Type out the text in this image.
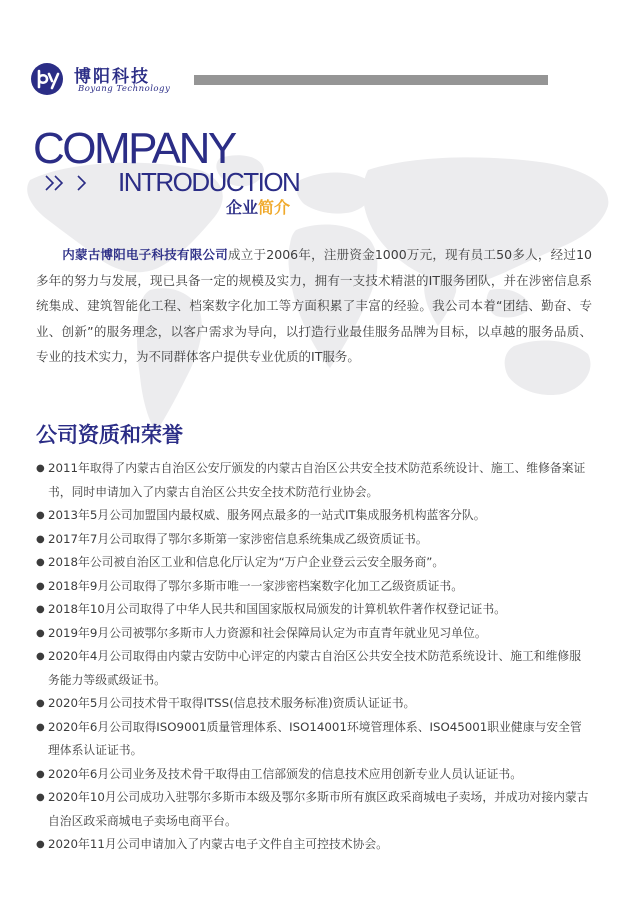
博阳科技
Boyang Technology
COMPANY
INTRODUCTION
企业简介

内蒙古博阳电子科技有限公司成立于2006年，注册资金1000万元，现有员工50多人，经过10多年的努力与发展，现已具备一定的规模及实力，拥有一支技术精湛的IT服务团队，并在涉密信息系统集成、建筑智能化工程、档案数字化加工等方面积累了丰富的经验。我公司本着“团结、勤奋、专业、创新”的服务理念，以客户需求为导向，以打造行业最佳服务品牌为目标，以卓越的服务品质、专业的技术实力，为不同群体客户提供专业优质的IT服务。

公司资质和荣誉
● 2011年取得了内蒙古自治区公安厅颁发的内蒙古自治区公共安全技术防范系统设计、施工、维修备案证书，同时申请加入了内蒙古自治区公共安全技术防范行业协会。
● 2013年5月公司加盟国内最权威、服务网点最多的一站式IT集成服务机构蓝客分队。
● 2017年7月公司取得了鄂尔多斯第一家涉密信息系统集成乙级资质证书。
● 2018年公司被自治区工业和信息化厅认定为“万户企业登云云安全服务商”。
● 2018年9月公司取得了鄂尔多斯市唯一一家涉密档案数字化加工乙级资质证书。
● 2018年10月公司取得了中华人民共和国国家版权局颁发的计算机软件著作权登记证书。
● 2019年9月公司被鄂尔多斯市人力资源和社会保障局认定为市直青年就业见习单位。
● 2020年4月公司取得由内蒙古安防中心评定的内蒙古自治区公共安全技术防范系统设计、施工和维修服务能力等级贰级证书。
● 2020年5月公司技术骨干取得ITSS(信息技术服务标准)资质认证证书。
● 2020年6月公司取得ISO9001质量管理体系、ISO14001环境管理体系、ISO45001职业健康与安全管理体系认证证书。
● 2020年6月公司业务及技术骨干取得由工信部颁发的信息技术应用创新专业人员认证证书。
● 2020年10月公司成功入驻鄂尔多斯市本级及鄂尔多斯市所有旗区政采商城电子卖场，并成功对接内蒙古自治区政采商城电子卖场电商平台。
● 2020年11月公司申请加入了内蒙古电子文件自主可控技术协会。
